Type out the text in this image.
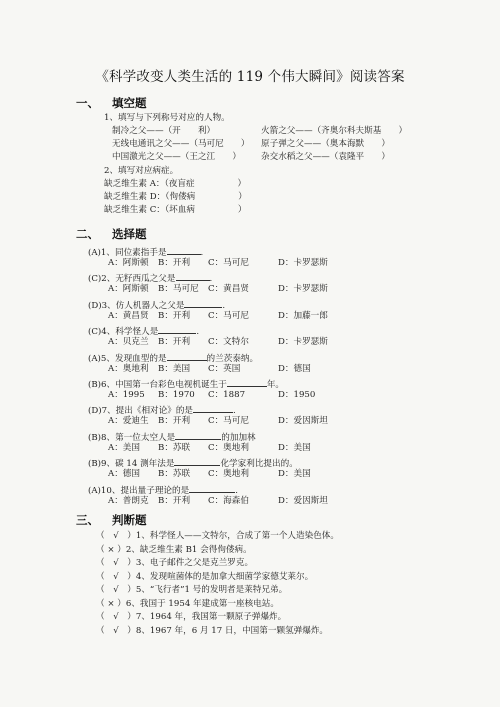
《科学改变人类生活的 119 个伟大瞬间》阅读答案
一、 填空题
1、填写与下列称号对应的人物。
制冷之父——（开　　利）
无线电通讯之父——（马可尼　　）
中国激光之父——（王之江　　）
火箭之父——（齐奥尔科夫斯基　　）
原子弹之父——（奥本海默　　）
杂交水稻之父——（袁隆平　　）
2、填写对应病症。
缺乏维生素 A：（夜盲症　　　　　）
缺乏维生素 D：（佝偻病　　　　　）
缺乏维生素 C：（坏血病　　　　　）
二、 选择题
(A)1、同位素指手是	.
A：阿斯顿 B：开利 C：马可尼	D：卡罗瑟斯
(C)2、无籽西瓜之父是	.
A：阿斯顿 B：马可尼 C：黄昌贤	D：卡罗瑟斯
(D)3、仿人机器人之父是	.
A：黄昌贤 B：开利 C：马可尼	D：加藤一郎
(C)4、科学怪人是	.
A：贝克兰 B：开利 C：文特尔	D：卡罗瑟斯
(A)5、发现血型的是	的兰茨泰纳。
A：奥地利 B：美国 C：英国	D：德国
(B)6、中国第一台彩色电视机诞生于	年。
A：1995 B：1970 C：1887	D：1950
(D)7、提出《相对论》的是	.
A：爱迪生 B：开利 C：马可尼	D：爱因斯坦
(B)8、第一位太空人是	的加加林
A：美国 B：苏联 C：奥地利	D：美国
(B)9、碳 14 测年法是	化学家利比提出的。
A：德国 B：苏联 C：奥地利	D：美国
(A)10、提出量子理论的是	.
A：普朗克 B：开利 C：海森伯	D：爱因斯坦
三、 判断题
（　√　）1、科学怪人——文特尔，合成了第一个人造染色体。
（ × ）2、缺乏维生素 B1 会得佝偻病。
（　√　）3、电子邮件之父是克兰罗克。
（　√　）4、发现喧菌体的是加拿大细菌学家德艾莱尔。
（　√　）5、“飞行者”1 号的发明者是莱特兄弟。
（ × ）6、我国于 1954 年建成第一座核电站。
（　√　）7、1964 年，我国第一颗原子弹爆炸。
（　√　）8、1967 年，6 月 17 日，中国第一颗氢弹爆炸。
